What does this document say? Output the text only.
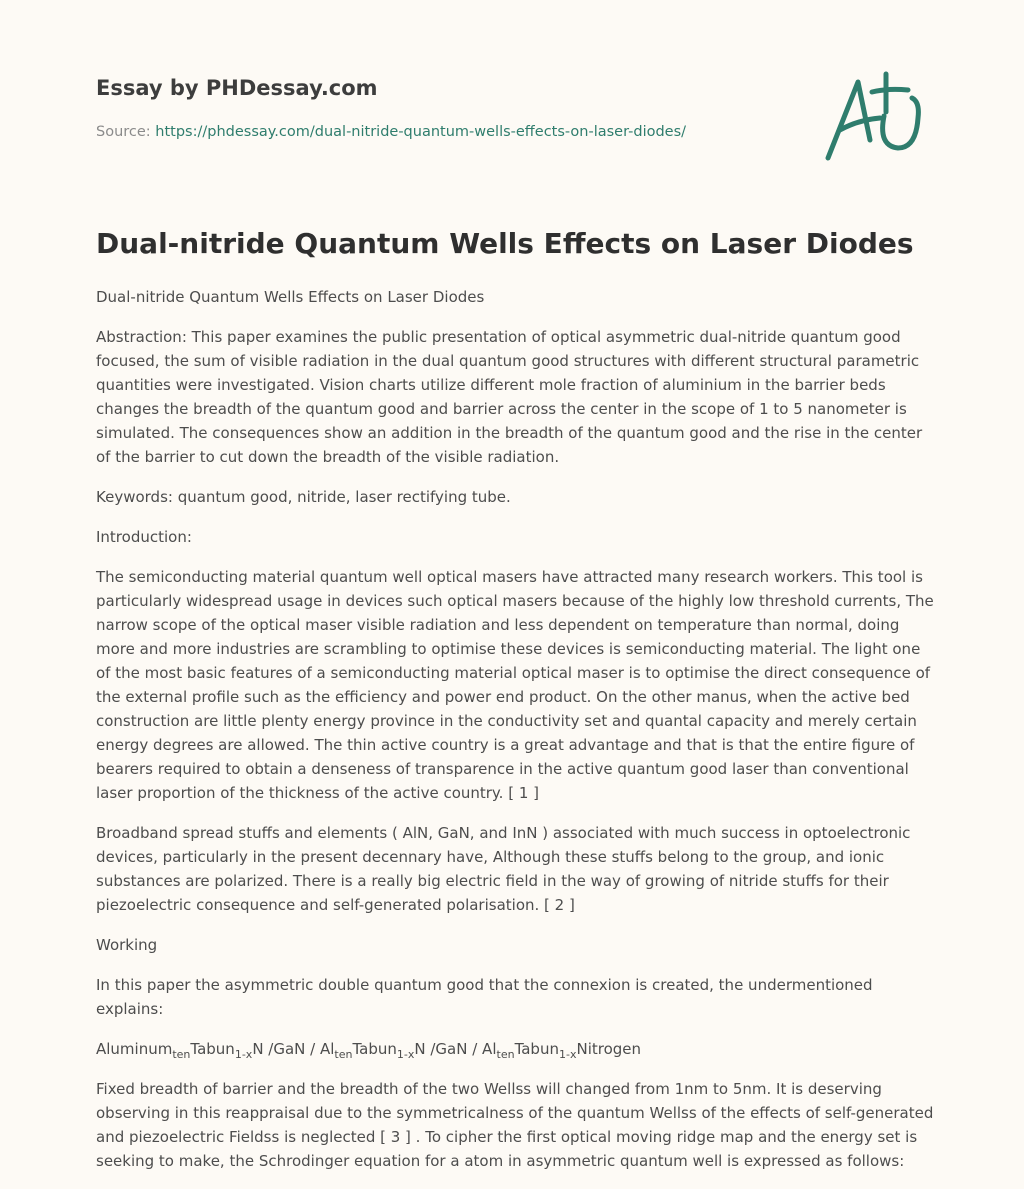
Essay by PHDessay.com
Source: https://phdessay.com/dual-nitride-quantum-wells-effects-on-laser-diodes/
Dual-nitride Quantum Wells Effects on Laser Diodes

Dual-nitride Quantum Wells Effects on Laser Diodes

Abstraction: This paper examines the public presentation of optical asymmetric dual-nitride quantum good focused, the sum of visible radiation in the dual quantum good structures with different structural parametric quantities were investigated. Vision charts utilize different mole fraction of aluminium in the barrier beds changes the breadth of the quantum good and barrier across the center in the scope of 1 to 5 nanometer is simulated. The consequences show an addition in the breadth of the quantum good and the rise in the center of the barrier to cut down the breadth of the visible radiation.

Keywords: quantum good, nitride, laser rectifying tube.

Introduction:

The semiconducting material quantum well optical masers have attracted many research workers. This tool is particularly widespread usage in devices such optical masers because of the highly low threshold currents, The narrow scope of the optical maser visible radiation and less dependent on temperature than normal, doing more and more industries are scrambling to optimise these devices is semiconducting material. The light one of the most basic features of a semiconducting material optical maser is to optimise the direct consequence of the external profile such as the efficiency and power end product. On the other manus, when the active bed construction are little plenty energy province in the conductivity set and quantal capacity and merely certain energy degrees are allowed. The thin active country is a great advantage and that is that the entire figure of bearers required to obtain a denseness of transparence in the active quantum good laser than conventional laser proportion of the thickness of the active country. [ 1 ]

Broadband spread stuffs and elements ( AlN, GaN, and InN ) associated with much success in optoelectronic devices, particularly in the present decennary have, Although these stuffs belong to the group, and ionic substances are polarized. There is a really big electric field in the way of growing of nitride stuffs for their piezoelectric consequence and self-generated polarisation. [ 2 ]

Working

In this paper the asymmetric double quantum good that the connexion is created, the undermentioned explains:

Aluminum$_{ten}$Tabun$_{1-x}$N $/GaN / Al_{ten}Tabun_{1-x}N$ $/GaN / Al_{ten}Tabun_{1-x}Nitrogen$

Fixed breadth of barrier and the breadth of the two Wellss will changed from 1nm to 5nm. It is deserving observing in this reappraisal due to the symmetricalness of the quantum Wellss of the effects of self-generated and piezoelectric Fieldss is neglected [ 3 ] . To cipher the first optical moving ridge map and the energy set is seeking to make, the Schrodinger equation for a atom in asymmetric quantum well is expressed as follows:
